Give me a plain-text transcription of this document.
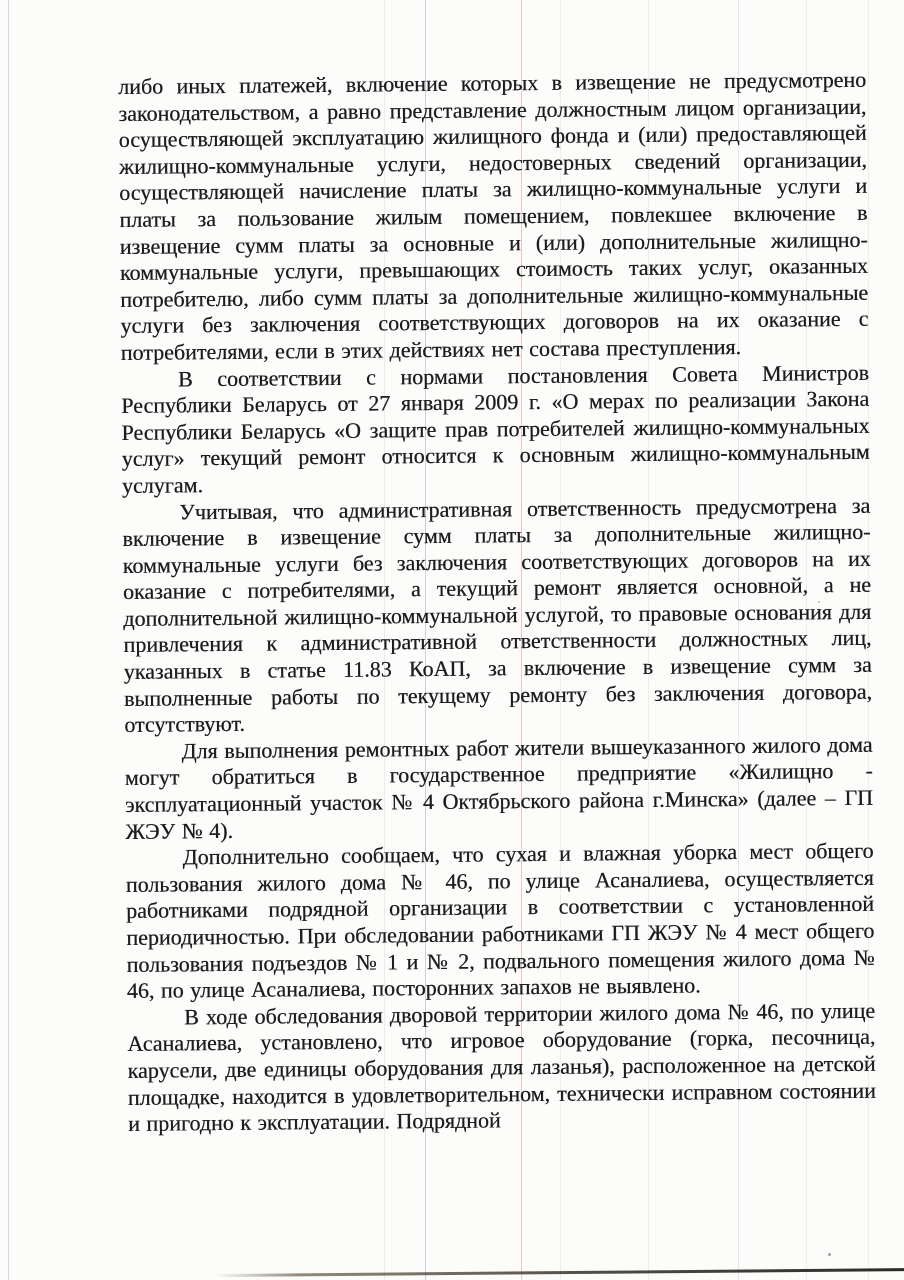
либо иных платежей, включение которых в извещение не предусмотрено законодательством, а равно представление должностным лицом организации, осуществляющей эксплуатацию жилищного фонда и (или) предоставляющей жилищно-коммунальные услуги, недостоверных сведений организации, осуществляющей начисление платы за жилищно-коммунальные услуги и платы за пользование жилым помещением, повлекшее включение в извещение сумм платы за основные и (или) дополнительные жилищно-коммунальные услуги, превышающих стоимость таких услуг, оказанных потребителю, либо сумм платы за дополнительные жилищно-коммунальные услуги без заключения соответствующих договоров на их оказание с потребителями, если в этих действиях нет состава преступления.

В соответствии с нормами постановления Совета Министров Республики Беларусь от 27 января 2009 г. «О мерах по реализации Закона Республики Беларусь «О защите прав потребителей жилищно-коммунальных услуг» текущий ремонт относится к основным жилищно-коммунальным услугам.

Учитывая, что административная ответственность предусмотрена за включение в извещение сумм платы за дополнительные жилищно-коммунальные услуги без заключения соответствующих договоров на их оказание с потребителями, а текущий ремонт является основной, а не дополнительной жилищно-коммунальной услугой, то правовые основания для привлечения к административной ответственности должностных лиц, указанных в статье 11.83 КоАП, за включение в извещение сумм за выполненные работы по текущему ремонту без заключения договора, отсутствуют.

Для выполнения ремонтных работ жители вышеуказанного жилого дома могут обратиться в государственное предприятие «Жилищно - эксплуатационный участок № 4 Октябрьского района г.Минска» (далее – ГП ЖЭУ № 4).

Дополнительно сообщаем, что сухая и влажная уборка мест общего пользования жилого дома № 46, по улице Асаналиева, осуществляется работниками подрядной организации в соответствии с установленной периодичностью. При обследовании работниками ГП ЖЭУ № 4 мест общего пользования подъездов № 1 и № 2, подвального помещения жилого дома № 46, по улице Асаналиева, посторонних запахов не выявлено.

В ходе обследования дворовой территории жилого дома № 46, по улице Асаналиева, установлено, что игровое оборудование (горка, песочница, карусели, две единицы оборудования для лазанья), расположенное на детской площадке, находится в удовлетворительном, технически исправном состоянии и пригодно к эксплуатации. Подрядной
